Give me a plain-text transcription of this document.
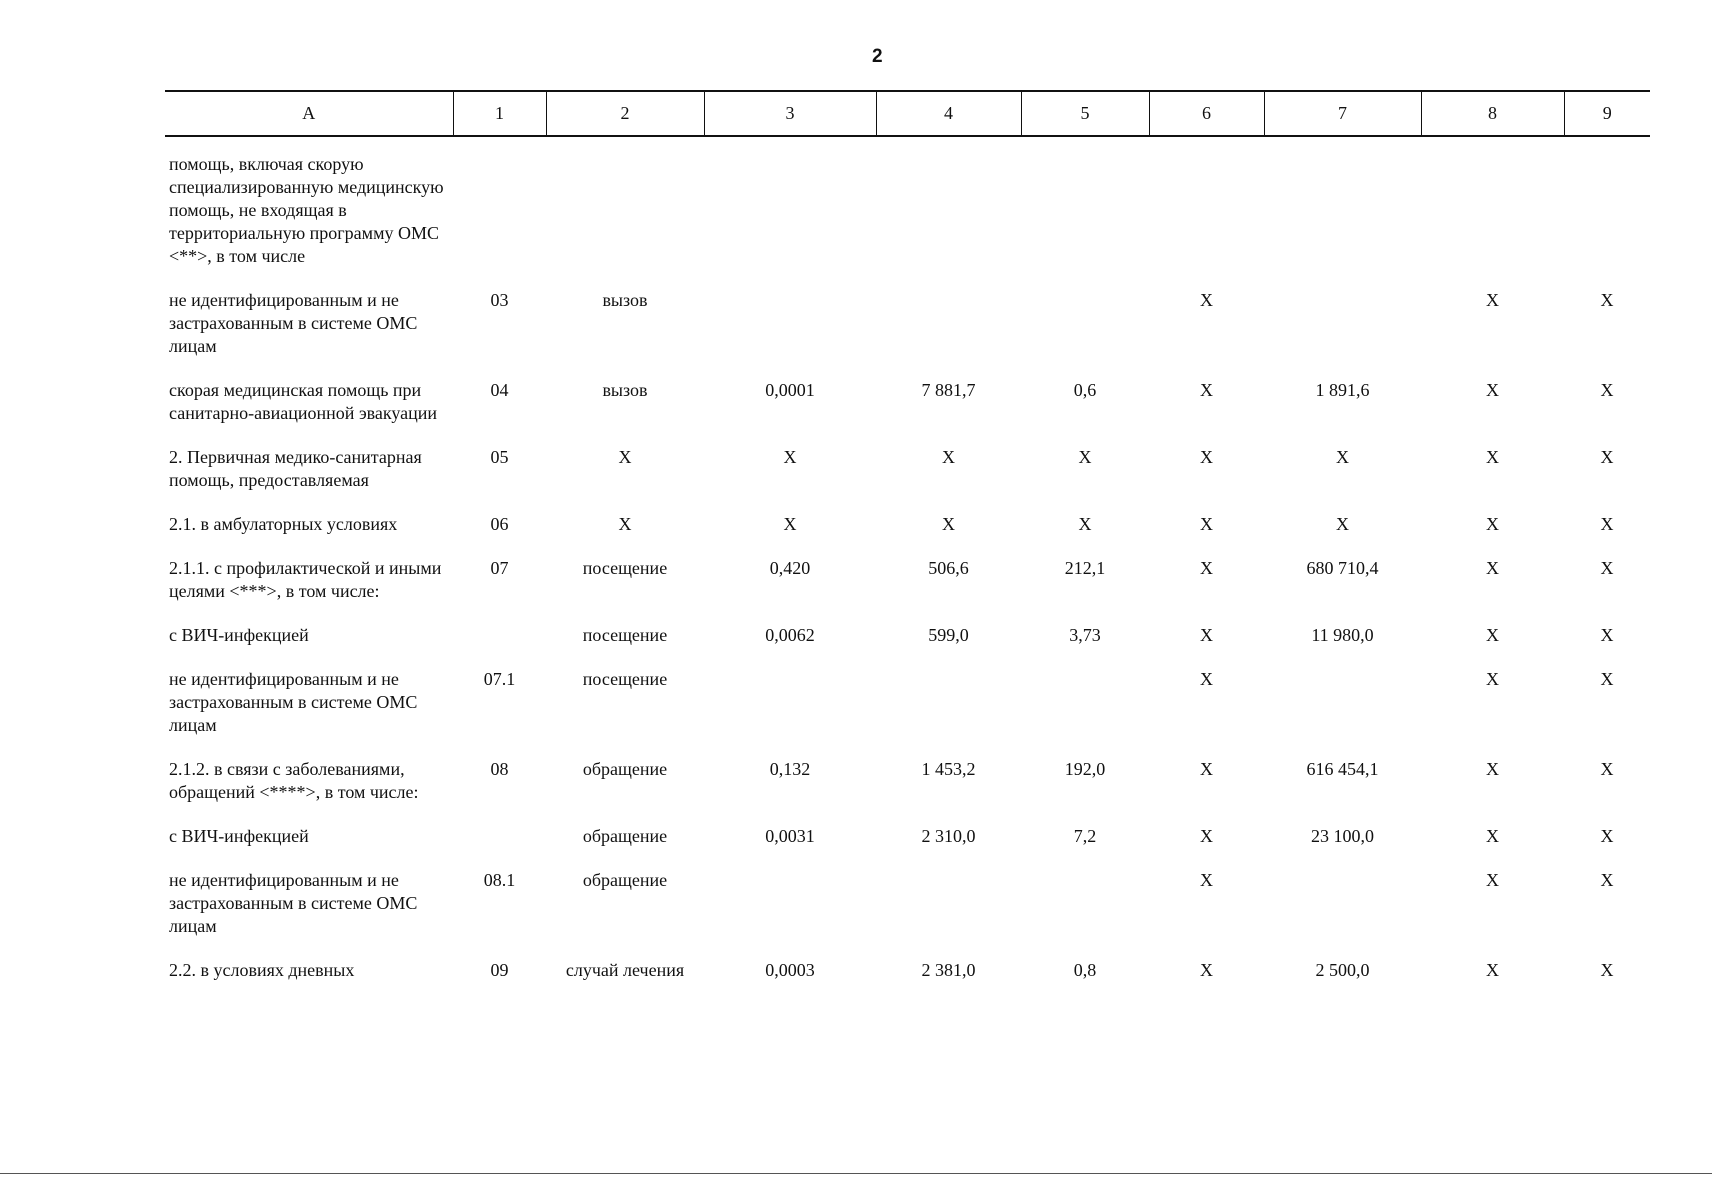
2
А	1	2	3	4	5	6	7	8	9
помощь, включая скорую специализированную медицинскую помощь, не входящая в территориальную программу ОМС <**>, в том числе									
не идентифицированным и не застрахованным в системе ОМС лицам	03	вызов				X		X	X
скорая медицинская помощь при санитарно-авиационной эвакуации	04	вызов	0,0001	7 881,7	0,6	X	1 891,6	X	X
2. Первичная медико-санитарная помощь, предоставляемая	05	X	X	X	X	X	X	X	X
2.1. в амбулаторных условиях	06	X	X	X	X	X	X	X	X
2.1.1. с профилактической и иными целями <***>, в том числе:	07	посещение	0,420	506,6	212,1	X	680 710,4	X	X
с ВИЧ-инфекцией		посещение	0,0062	599,0	3,73	X	11 980,0	X	X
не идентифицированным и не застрахованным в системе ОМС лицам	07.1	посещение				X		X	X
2.1.2. в связи с заболеваниями, обращений <****>, в том числе:	08	обращение	0,132	1 453,2	192,0	X	616 454,1	X	X
с ВИЧ-инфекцией		обращение	0,0031	2 310,0	7,2	X	23 100,0	X	X
не идентифицированным и не застрахованным в системе ОМС лицам	08.1	обращение				X		X	X
2.2. в условиях дневных	09	случай лечения	0,0003	2 381,0	0,8	X	2 500,0	X	X
